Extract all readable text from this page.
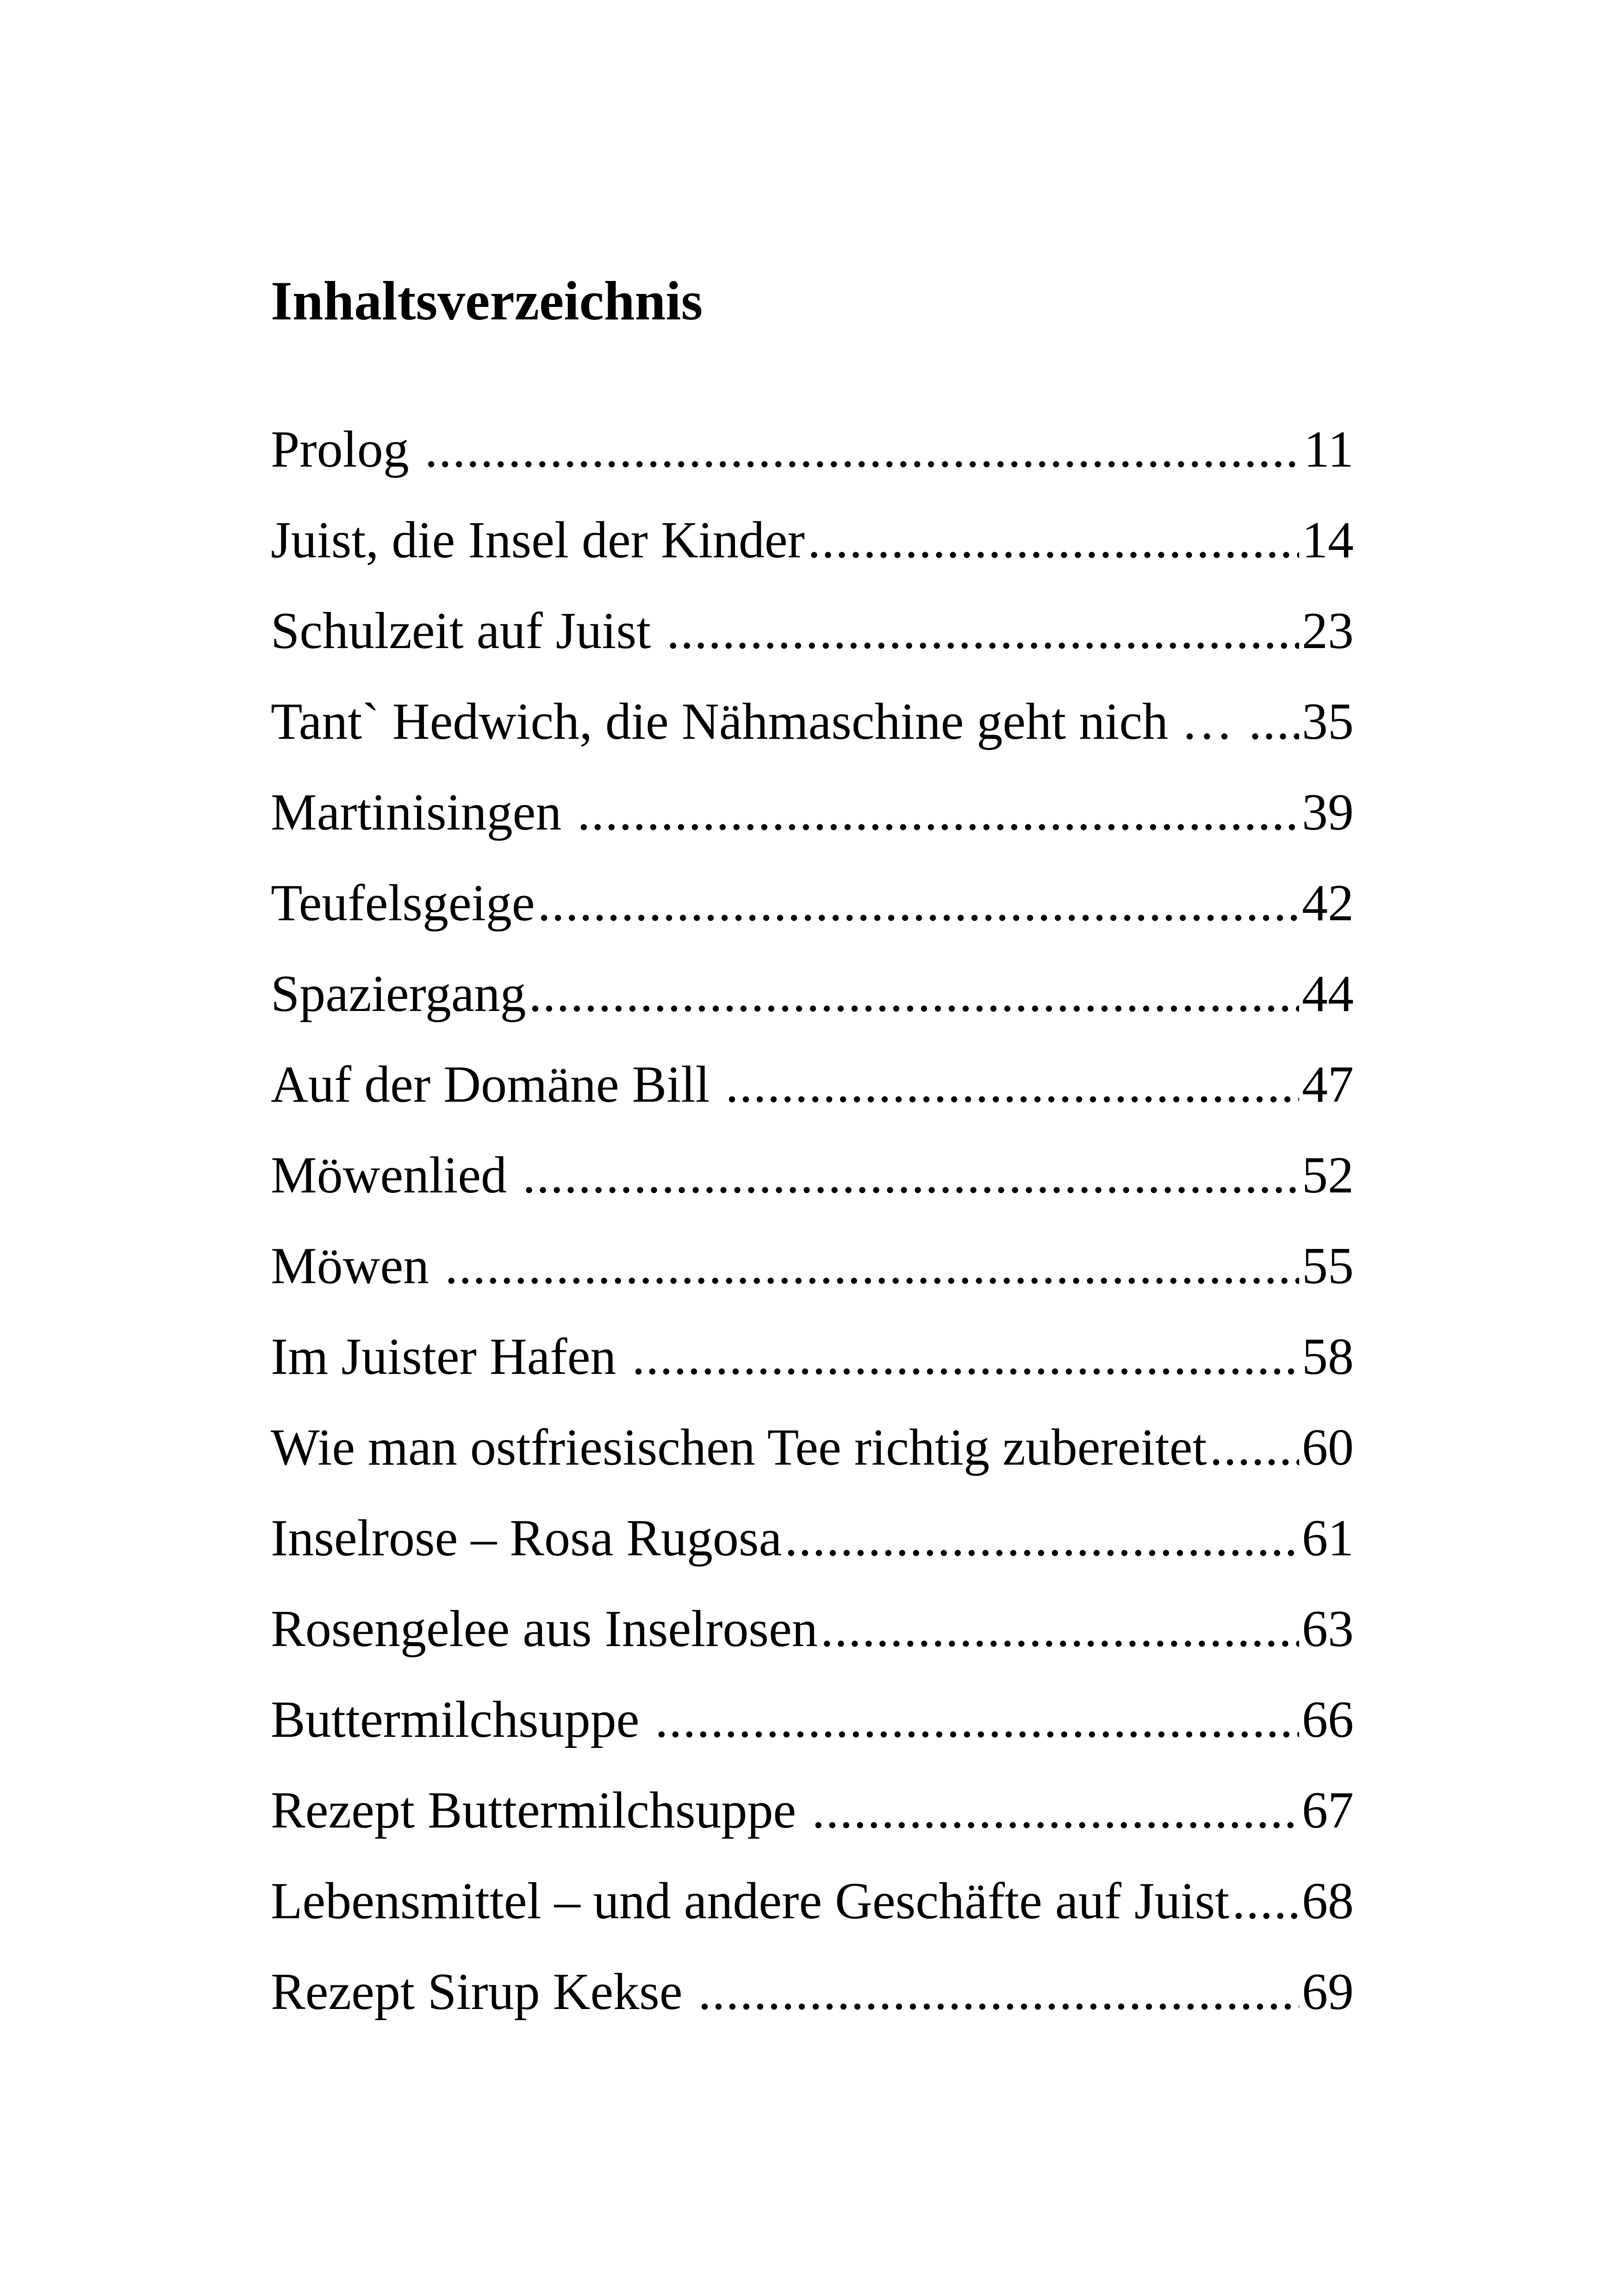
Inhaltsverzeichnis
Prolog .....	11
Juist, die Insel der Kinder .....	14
Schulzeit auf Juist .....	23
Tant` Hedwich, die Nähmaschine geht nich … ..... 35
Martinisingen .....	39
Teufelsgeige .....	42
Spaziergang .....	44
Auf der Domäne Bill .....	47
Möwenlied .....	52
Möwen .....	55
Im Juister Hafen .....	58
Wie man ostfriesischen Tee richtig zubereitet ..... 60
Inselrose – Rosa Rugosa .....	61
Rosengelee aus Inselrosen .....	63
Buttermilchsuppe .....	66
Rezept Buttermilchsuppe .....	67
Lebensmittel – und andere Geschäfte auf Juist ..... 68
Rezept Sirup Kekse .....	69
